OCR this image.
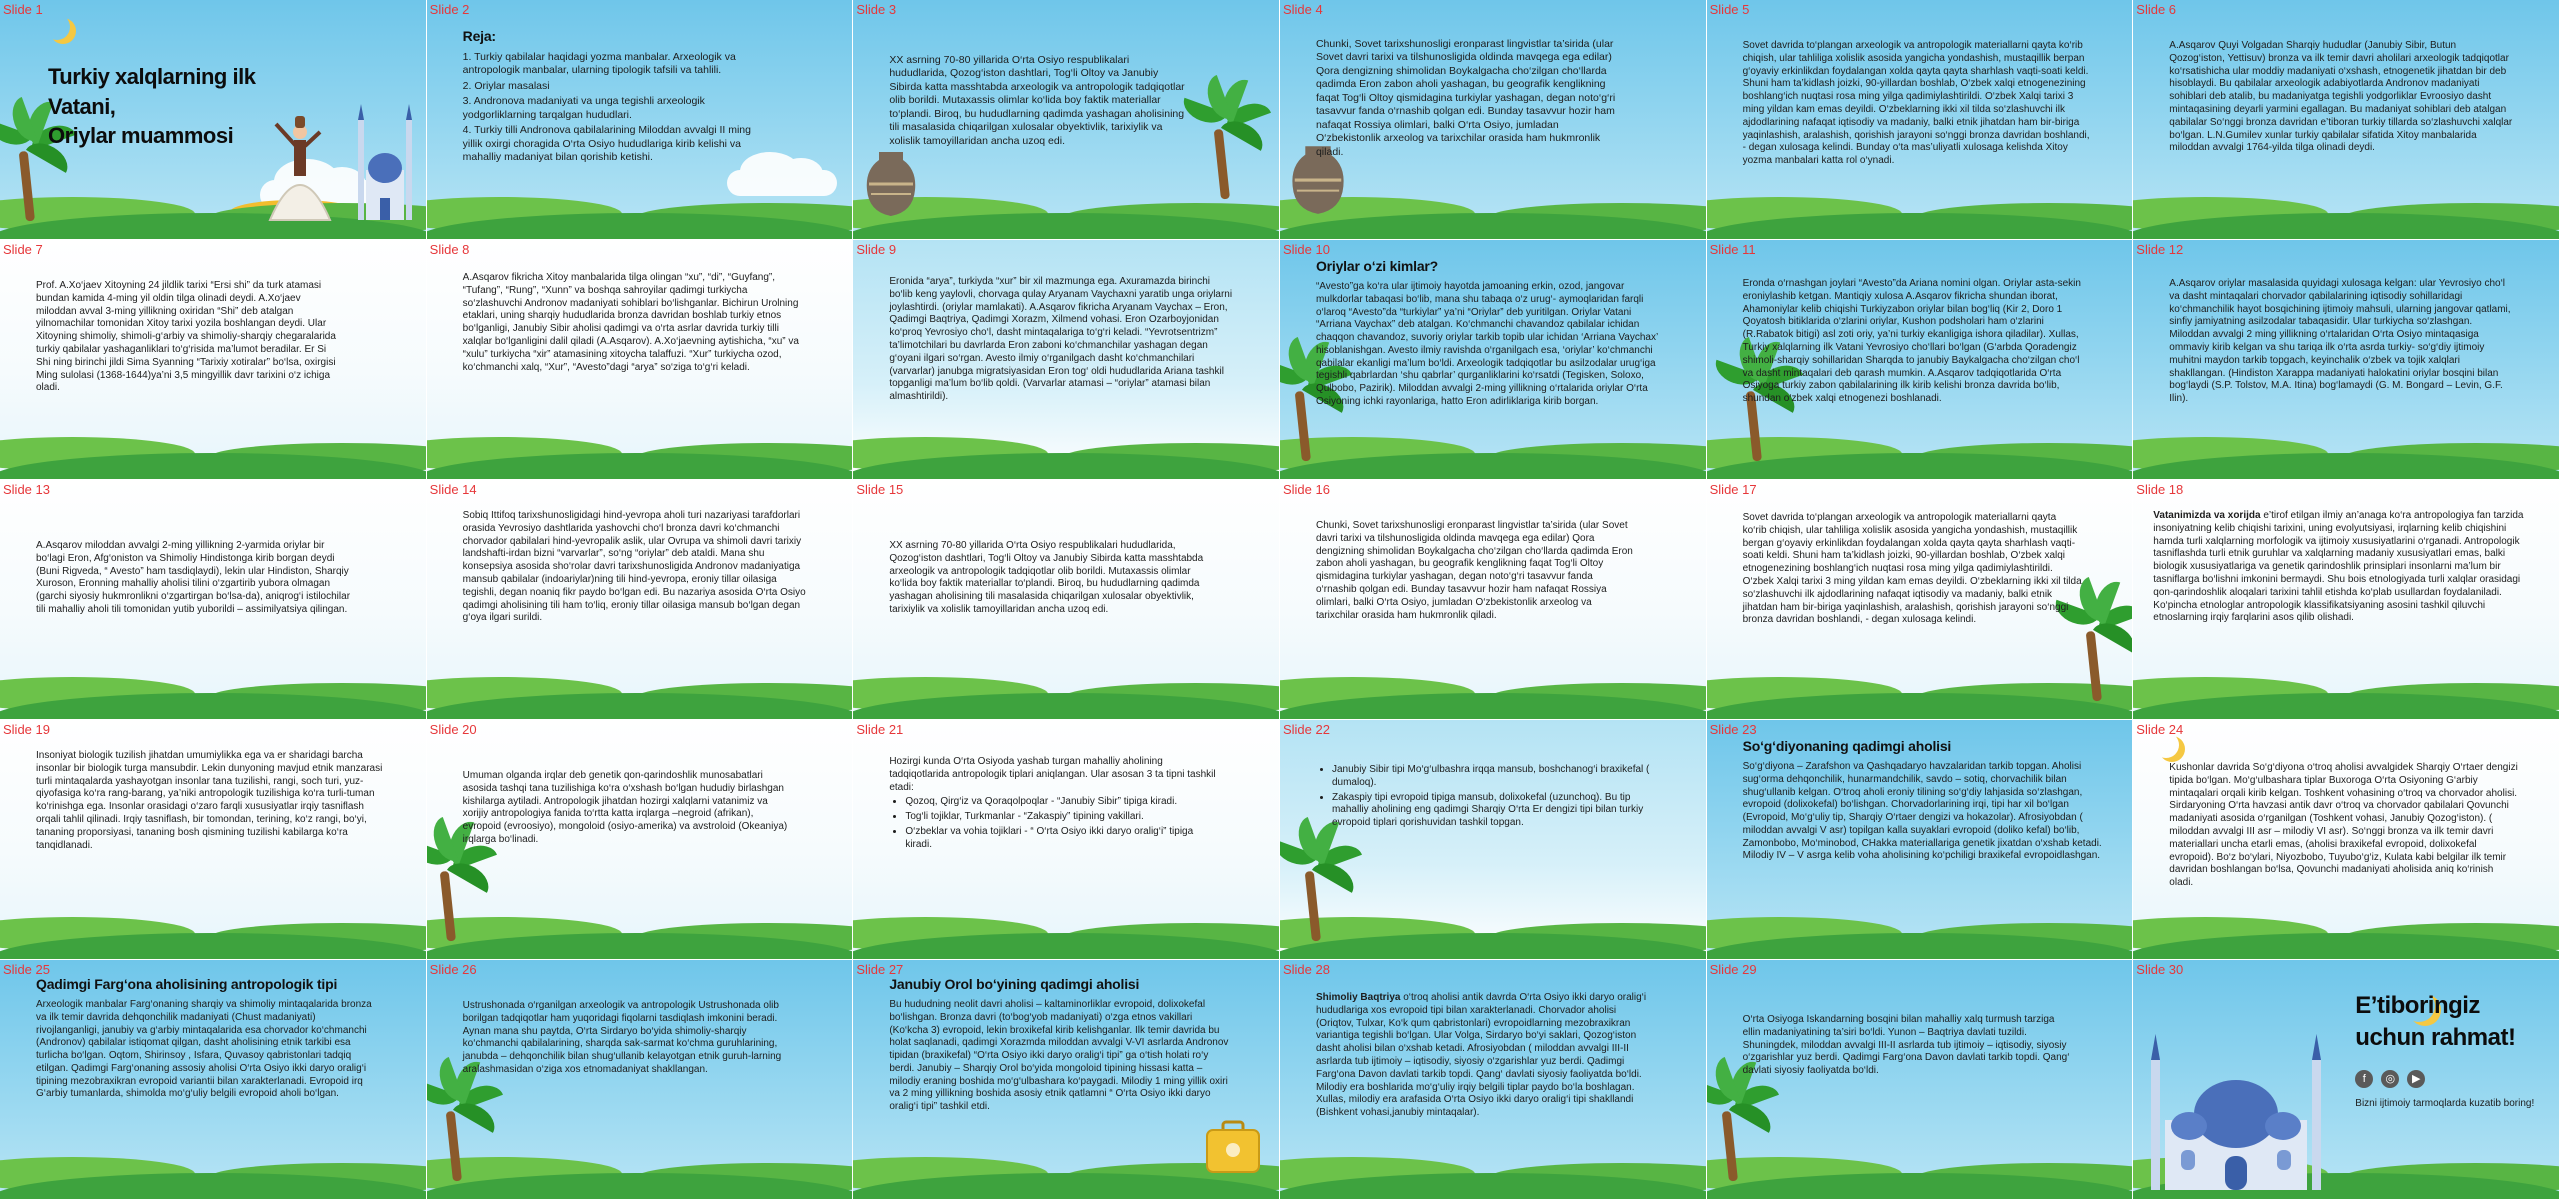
Slide 1
Turkiy xalqlarning ilk Vatani,
Oriylar muammosi
Slide 2
Reja:

1. Turkiy qabilalar haqidagi yozma manbalar. Arxeologik va antropologik manbalar, ularning tipologik tafsili va tahlili.

2. Oriylar masalasi

3. Andronova madaniyati va unga tegishli arxeologik yodgorliklarning tarqalgan hududlari.

4. Turkiy tilli Andronova qabilalarining Miloddan avvalgi II ming yillik oxirgi choragida O‘rta Osiyo hududlariga kirib kelishi va mahalliy madaniyat bilan qorishib ketishi.

Slide 3
XX asrning 70-80 yillarida O‘rta Osiyo respublikalari hududlarida, Qozog‘iston dashtlari, Tog‘li Oltoy va Janubiy Sibirda katta masshtabda arxeologik va antropologik tadqiqotlar olib borildi. Mutaxassis olimlar ko‘lida boy faktik materiallar to‘plandi. Biroq, bu hududlarning qadimda yashagan aholisining tili masalasida chiqarilgan xulosalar obyektivlik, tarixiylik va xolislik tamoyillaridan ancha uzoq edi.
Slide 4
Chunki, Sovet tarixshunosligi eronparast lingvistlar ta’sirida (ular Sovet davri tarixi va tilshunosligida oldinda mavqega ega edilar) Qora dengizning shimolidan Boykalgacha cho‘zilgan cho‘llarda qadimda Eron zabon aholi yashagan, bu geografik kenglikning faqat Tog‘li Oltoy qismidagina turkiylar yashagan, degan noto‘g‘ri tasavvur fanda o‘rnashib qolgan edi. Bunday tasavvur hozir ham nafaqat Rossiya olimlari, balki O‘rta Osiyo, jumladan O‘zbekistonlik arxeolog va tarixchilar orasida ham hukmronlik qiladi.
Slide 5
Sovet davrida to‘plangan arxeologik va antropologik materiallarni qayta ko‘rib chiqish, ular tahliliga xolislik asosida yangicha yondashish, mustaqillik berpan g‘oyaviy erkinlikdan foydalangan xolda qayta qayta sharhlash vaqti-soati keldi. Shuni ham ta’kidlash joizki, 90-yillardan boshlab, O‘zbek xalqi etnogenezining boshlang‘ich nuqtasi rosa ming yilga qadimiylashtirildi. O‘zbek Xalqi tarixi 3 ming yildan kam emas deyildi. O‘zbeklarning ikki xil tilda so‘zlashuvchi ilk ajdodlarining nafaqat iqtisodiy va madaniy, balki etnik jihatdan ham bir-biriga yaqinlashish, aralashish, qorishish jarayoni so‘nggi bronza davridan boshlandi, - degan xulosaga kelindi. Bunday o‘ta mas’uliyatli xulosaga kelishda Xitoy yozma manbalari katta rol o‘ynadi.
Slide 6
A.Asqarov Quyi Volgadan Sharqiy hududlar (Janubiy Sibir, Butun Qozog‘iston, Yettisuv) bronza va ilk temir davri aholilari arxeologik tadqiqotlar ko‘rsatishicha ular moddiy madaniyati o‘xshash, etnogenetik jihatdan bir deb hisoblaydi. Bu qabilalar arxeologik adabiyotlarda Andronov madaniyati sohiblari deb atalib, bu madaniyatga tegishli yodgorliklar Evroosiyo dasht mintaqasining deyarli yarmini egallagan. Bu madaniyat sohiblari deb atalgan qabilalar So‘nggi bronza davridan e’tiboran turkiy tillarda so‘zlashuvchi xalqlar bo‘lgan. L.N.Gumilev xunlar turkiy qabilalar sifatida Xitoy manbalarida miloddan avvalgi 1764-yilda tilga olinadi deydi.
Slide 7
Prof. A.Xo‘jaev Xitoyning 24 jildlik tarixi “Ersi shi” da turk atamasi bundan kamida 4-ming yil oldin tilga olinadi deydi. A.Xo‘jaev miloddan avval 3-ming yillikning oxiridan “Shi” deb atalgan yilnomachilar tomonidan Xitoy tarixi yozila boshlangan deydi. Ular Xitoyning shimoliy, shimoli-g‘arbiy va shimoliy-sharqiy chegaralarida turkiy qabilalar yashaganliklari to‘g‘risida ma’lumot beradilar. Er Si Shi ning birinchi jildi Sima Syanning “Tarixiy xotiralar” bo‘lsa, oxirgisi Ming sulolasi (1368-1644)ya’ni 3,5 mingyillik davr tarixini o‘z ichiga oladi.
Slide 8
A.Asqarov fikricha Xitoy manbalarida tilga olingan “xu”, “di”, “Guyfang”, “Tufang”, “Rung”, “Xunn” va boshqa sahroyilar qadimgi turkiycha so‘zlashuvchi Andronov madaniyati sohiblari bo‘lishganlar. Bichirun Urolning etaklari, uning sharqiy hududlarida bronza davridan boshlab turkiy etnos bo‘lganligi, Janubiy Sibir aholisi qadimgi va o‘rta asrlar davrida turkiy tilli xalqlar bo‘lganligini dalil qiladi (A.Asqarov). A.Xo‘jaevning aytishicha, “xu” va “xulu” turkiycha “xir” atamasining xitoycha talaffuzi. “Xur” turkiycha ozod, ko‘chmanchi xalq, “Xur”, “Avesto”dagi “arya” so‘ziga to‘g‘ri keladi.
Slide 9
Eronida “arya”, turkiyda “xur” bir xil mazmunga ega. Axuramazda birinchi bo‘lib keng yaylovli, chorvaga qulay Aryanam Vaychaxni yaratib unga oriylarni joylashtirdi. (oriylar mamlakati). A.Asqarov fikricha Aryanam Vaychax – Eron, Qadimgi Baqtriya, Qadimgi Xorazm, Xilmend vohasi. Eron Ozarboyjonidan ko‘proq Yevrosiyo cho‘l, dasht mintaqalariga to‘g‘ri keladi. “Yevrotsentrizm” ta’limotchilari bu davrlarda Eron zaboni ko‘chmanchilar yashagan degan g‘oyani ilgari so‘rgan. Avesto ilmiy o‘rganilgach dasht ko‘chmanchilari (varvarlar) janubga migratsiyasidan Eron tog‘ oldi hududlarida Ariana tashkil topganligi ma’lum bo‘lib qoldi. (Varvarlar atamasi – “oriylar” atamasi bilan almashtirildi).
Slide 10
Oriylar o‘zi kimlar?
“Avesto”ga ko‘ra ular ijtimoiy hayotda jamoaning erkin, ozod, jangovar mulkdorlar tabaqasi bo‘lib, mana shu tabaqa o‘z urug‘- aymoqlaridan farqli o‘laroq “Avesto”da “turkiylar” ya’ni “Oriylar” deb yuritilgan. Oriylar Vatani “Arriana Vaychax” deb atalgan. Ko‘chmanchi chavandoz qabilalar ichidan chaqqon chavandoz, suvoriy oriylar tarkib topib ular ichidan ‘Arriana Vaychax’ hisoblanishgan. Avesto ilmiy ravishda o‘rganilgach esa, ‘oriylar’ ko‘chmanchi qabilalar ekanligi ma’lum bo‘ldi. Arxeologik tadqiqotlar bu asilzodalar urug‘iga tegishli qabrlardan ‘shu qabrlar’ qurganliklarini ko‘rsatdi (Tegisken, Soloxo, Qulbobo, Pazirik). Miloddan avvalgi 2-ming yillikning o‘rtalarida oriylar O‘rta Osiyoning ichki rayonlariga, hatto Eron adirliklariga kirib borgan.
Slide 11
Eronda o‘rnashgan joylari “Avesto”da Ariana nomini olgan. Oriylar asta-sekin eroniylashib ketgan. Mantiqiy xulosa A.Asqarov fikricha shundan iborat, Ahamoniylar kelib chiqishi Turkiyzabon oriylar bilan bog‘liq (Kir 2, Doro 1 Qoyatosh bitiklarida o‘zlarini oriylar, Kushon podsholari ham o‘zlarini (R.Rabatok bitigi) asl zoti oriy, ya’ni turkiy ekanligiga ishora qiladilar). Xullas, Turkiy xalqlarning ilk Vatani Yevrosiyo cho‘llari bo‘lgan (G‘arbda Qoradengiz shimoli-sharqiy sohillaridan Sharqda to janubiy Baykalgacha cho‘zilgan cho‘l va dasht mintaqalari deb qarash mumkin. A.Asqarov tadqiqotlarida O‘rta Osiyoga turkiy zabon qabilalarining ilk kirib kelishi bronza davrida bo‘lib, shundan o‘zbek xalqi etnogenezi boshlanadi.
Slide 12
A.Asqarov oriylar masalasida quyidagi xulosaga kelgan: ular Yevrosiyo cho‘l va dasht mintaqalari chorvador qabilalarining iqtisodiy sohillaridagi ko‘chmanchilik hayot bosqichining ijtimoiy mahsuli, ularning jangovar qatlami, sinfiy jamiyatning asilzodalar tabaqasidir. Ular turkiycha so‘zlashgan. Miloddan avvalgi 2 ming yillikning o‘rtalaridan O‘rta Osiyo mintaqasiga ommaviy kirib kelgan va shu tariqa ilk o‘rta asrda turkiy- so‘g‘diy ijtimoiy muhitni maydon tarkib topgach, keyinchalik o‘zbek va tojik xalqlari shakllangan. (Hindiston Xarappa madaniyati halokatini oriylar bosqini bilan bog‘laydi (S.P. Tolstov, M.A. Itina) bog‘lamaydi (G. M. Bongard – Levin, G.F. Ilin).
Slide 13
A.Asqarov miloddan avvalgi 2-ming yillikning 2-yarmida oriylar bir bo‘lagi Eron, Afg‘oniston va Shimoliy Hindistonga kirib borgan deydi (Buni Rigveda, “ Avesto” ham tasdiqlaydi), lekin ular Hindiston, Sharqiy Xuroson, Eronning mahalliy aholisi tilini o‘zgartirib yubora olmagan (garchi siyosiy hukmronlikni o‘zgartirgan bo‘lsa-da), aniqrog‘i istilochilar tili mahalliy aholi tili tomonidan yutib yuborildi – assimilyatsiya qilingan.
Slide 14
Sobiq Ittifoq tarixshunosligidagi hind-yevropa aholi turi nazariyasi tarafdorlari orasida Yevrosiyo dashtlarida yashovchi cho‘l bronza davri ko‘chmanchi chorvador qabilalari hind-yevropalik aslik, ular Ovrupa va shimoli davri tarixiy landshafti-irdan bizni “varvarlar”, so‘ng “oriylar” deb ataldi. Mana shu konsepsiya asosida sho‘rolar davri tarixshunosligida Andronov madaniyatiga mansub qabilalar (indoariylar)ning tili hind-yevropa, eroniy tillar oilasiga tegishli, degan noaniq fikr paydo bo‘lgan edi. Bu nazariya asosida O‘rta Osiyo qadimgi aholisining tili ham to‘liq, eroniy tillar oilasiga mansub bo‘lgan degan g‘oya ilgari surildi.
Slide 15
XX asrning 70-80 yillarida O‘rta Osiyo respublikalari hududlarida, Qozog‘iston dashtlari, Tog‘li Oltoy va Janubiy Sibirda katta masshtabda arxeologik va antropologik tadqiqotlar olib borildi. Mutaxassis olimlar ko‘lida boy faktik materiallar to‘plandi. Biroq, bu hududlarning qadimda yashagan aholisining tili masalasida chiqarilgan xulosalar obyektivlik, tarixiylik va xolislik tamoyillaridan ancha uzoq edi.
Slide 16
Chunki, Sovet tarixshunosligi eronparast lingvistlar ta’sirida (ular Sovet davri tarixi va tilshunosligida oldinda mavqega ega edilar) Qora dengizning shimolidan Boykalgacha cho‘zilgan cho‘llarda qadimda Eron zabon aholi yashagan, bu geografik kenglikning faqat Tog‘li Oltoy qismidagina turkiylar yashagan, degan noto‘g‘ri tasavvur fanda o‘rnashib qolgan edi. Bunday tasavvur hozir ham nafaqat Rossiya olimlari, balki O‘rta Osiyo, jumladan O‘zbekistonlik arxeolog va tarixchilar orasida ham hukmronlik qiladi.
Slide 17
Sovet davrida to‘plangan arxeologik va antropologik materiallarni qayta ko‘rib chiqish, ular tahliliga xolislik asosida yangicha yondashish, mustaqillik bergan g‘oyaviy erkinlikdan foydalangan xolda qayta qayta sharhlash vaqti-soati keldi. Shuni ham ta’kidlash joizki, 90-yillardan boshlab, O‘zbek xalqi etnogenezining boshlang‘ich nuqtasi rosa ming yilga qadimiylashtirildi. O‘zbek Xalqi tarixi 3 ming yildan kam emas deyildi. O‘zbeklarning ikki xil tilda so‘zlashuvchi ilk ajdodlarining nafaqat iqtisodiy va madaniy, balki etnik jihatdan ham bir-biriga yaqinlashish, aralashish, qorishish jarayoni so‘nggi bronza davridan boshlandi, - degan xulosaga kelindi.
Slide 18
Vatanimizda va xorijda e’tirof etilgan ilmiy an’anaga ko‘ra antropologiya fan tarzida insoniyatning kelib chiqishi tarixini, uning evolyutsiyasi, irqlarning kelib chiqishini hamda turli xalqlarning morfologik va ijtimoiy xususiyatlarini o‘rganadi. Antropologik tasniflashda turli etnik guruhlar va xalqlarning madaniy xususiyatlari emas, balki biologik xususiyatlariga va genetik qarindoshlik prinsiplari insonlarni ma’lum bir tasniflarga bo‘lishni imkonini bermaydi. Shu bois etnologiyada turli xalqlar orasidagi qon-qarindoshlik aloqalari tarixini tahlil etishda ko‘plab usullardan foydalaniladi. Ko‘pincha etnologlar antropologik klassifikatsiyaning asosini tashkil qiluvchi etnoslarning irqiy farqlarini asos qilib olishadi.
Slide 19
Insoniyat biologik tuzilish jihatdan umumiylikka ega va er sharidagi barcha insonlar bir biologik turga mansubdir. Lekin dunyoning mavjud etnik manzarasi turli mintaqalarda yashayotgan insonlar tana tuzilishi, rangi, soch turi, yuz-qiyofasiga ko‘ra rang-barang, ya’niki antropologik tuzilishiga ko‘ra turli-tuman ko‘rinishga ega. Insonlar orasidagi o‘zaro farqli xususiyatlar irqiy tasniflash orqali tahlil qilinadi. Irqiy tasniflash, bir tomondan, terining, ko‘z rangi, bo‘yi, tananing proporsiyasi, tananing bosh qismining tuzilishi kabilarga ko‘ra tanqidlanadi.
Slide 20
Umuman olganda irqlar deb genetik qon-qarindoshlik munosabatlari asosida tashqi tana tuzilishiga ko‘ra o‘xshash bo‘lgan hududiy birlashgan kishilarga aytiladi. Antropologik jihatdan hozirgi xalqlarni vatanimiz va xorijiy antropologiya fanida to‘rtta katta irqlarga –negroid (afrikan), evropoid (evroosiyo), mongoloid (osiyo-amerika) va avstroloid (Okeaniya) irqlarga bo‘linadi.
Slide 21

Hozirgi kunda O‘rta Osiyoda yashab turgan mahalliy aholining tadqiqotlarida antropologik tiplari aniqlangan. Ular asosan 3 ta tipni tashkil etadi:

• Qozoq, Qirg‘iz va Qoraqolpoqlar - “Janubiy Sibir” tipiga kiradi.
• Tog‘li tojiklar, Turkmanlar - “Zakaspiy” tipining vakillari.
• O‘zbeklar va vohia tojiklari - “ O‘rta Osiyo ikki daryo oralig‘i” tipiga kiradi.
Slide 22
• Janubiy Sibir tipi Mo‘g‘ulbashra irqqa mansub, boshchanog‘i braxikefal ( dumaloq).
• Zakaspiy tipi evropoid tipiga mansub, dolixokefal (uzunchoq). Bu tip mahalliy aholining eng qadimgi Sharqiy O‘rta Er dengizi tipi bilan turkiy evropoid tiplari qorishuvidan tashkil topgan.
Slide 23
So‘g‘diyonaning qadimgi aholisi
So‘g‘diyona – Zarafshon va Qashqadaryo havzalaridan tarkib topgan. Aholisi sug‘orma dehqonchilik, hunarmandchilik, savdo – sotiq, chorvachilik bilan shug‘ullanib kelgan. O‘troq aholi eroniy tilining so‘g‘diy lahjasida so‘zlashgan, evropoid (dolixokefal) bo‘lishgan. Chorvadorlarining irqi, tipi har xil bo‘lgan (Evropoid, Mo‘g‘uliy tip, Sharqiy O‘rtaer dengizi va hokazolar). Afrosiyobdan ( miloddan avvalgi V asr) topilgan kalla suyaklari evropoid (doliko kefal) bo‘lib, Zamonbobo, Mo‘minobod, CHakka materiallariga genetik jixatdan o‘xshab ketadi. Milodiy IV – V asrga kelib voha aholisining ko‘pchiligi braxikefal evropoidlashgan.
Slide 24
Kushonlar davrida So‘g‘diyona o‘troq aholisi avvalgidek Sharqiy O‘rtaer dengizi tipida bo‘lgan. Mo‘g‘ulbashara tiplar Buxoroga O‘rta Osiyoning G‘arbiy mintaqalari orqali kirib kelgan. Toshkent vohasining o‘troq va chorvador aholisi. Sirdaryoning O‘rta havzasi antik davr o‘troq va chorvador qabilalari Qovunchi madaniyati asosida o‘rganilgan (Toshkent vohasi, Janubiy Qozog‘iston). ( miloddan avvalgi III asr – milodiy VI asr). So‘nggi bronza va ilk temir davri materiallari uncha etarli emas, (aholisi braxikefal evropoid, dolixokefal evropoid). Bo‘z bo‘ylari, Niyozbobo, Tuyubo‘g‘iz, Kulata kabi belgilar ilk temir davridan boshlangan bo‘lsa, Qovunchi madaniyati aholisida aniq ko‘rinish oladi.
Slide 25
Qadimgi Farg‘ona aholisining antropologik tipi
Arxeologik manbalar Farg‘onaning sharqiy va shimoliy mintaqalarida bronza va ilk temir davrida dehqonchilik madaniyati (Chust madaniyati) rivojlanganligi, janubiy va g‘arbiy mintaqalarida esa chorvador ko‘chmanchi (Andronov) qabilalar istiqomat qilgan, dasht aholisining etnik tarkibi esa turlicha bo‘lgan. Oqtom, Shirinsoy , Isfara, Quvasoy qabristonlari tadqiq etilgan. Qadimgi Farg‘onaning assosiy aholisi O‘rta Osiyo ikki daryo oralig‘i tipining mezobraxikran evropoid variantii bilan xarakterlanadi. Evropoid irq G‘arbiy tumanlarda, shimolda mo‘g‘uliy belgili evropoid aholi bo‘lgan.
Slide 26
Ustrushonada o‘rganilgan arxeologik va antropologik Ustrushonada olib borilgan tadqiqotlar ham yuqoridagi fiqolarni tasdiqlash imkonini beradi. Aynan mana shu paytda, O‘rta Sirdaryo bo‘yida shimoliy-sharqiy ko‘chmanchi qabilalarining, sharqda sak-sarmat ko‘chma guruhlarining, janubda – dehqonchilik bilan shug‘ullanib kelayotgan etnik guruh-larning aralashmasidan o‘ziga xos etnomadaniyat shakllangan.
Slide 27
Janubiy Orol bo‘yining qadimgi aholisi
Bu hududning neolit davri aholisi – kaltaminorliklar evropoid, dolixokefal bo‘lishgan. Bronza davri (to‘bog‘yob madaniyati) o‘zga etnos vakillari (Ko‘kcha 3) evropoid, lekin broxikefal kirib kelishganlar. Ilk temir davrida bu holat saqlanadi, qadimgi Xorazmda miloddan avvalgi V-VI asrlarda Andronov tipidan (braxikefal) “O‘rta Osiyo ikki daryo oralig‘i tipi” ga o‘tish holati ro‘y berdi. Janubiy – Sharqiy Orol bo‘yida mongoloid tipining hissasi katta – milodiy eraning boshida mo‘g‘ulbashara ko‘paygadi. Milodiy 1 ming yillik oxiri va 2 ming yillikning boshida asosiy etnik qatlamni “ O‘rta Osiyo ikki daryo oralig‘i tipi” tashkil etdi.
Slide 28
Shimoliy Baqtriya o‘troq aholisi antik davrda O‘rta Osiyo ikki daryo oralig‘i hududlariga xos evropoid tipi bilan xarakterlanadi. Chorvador aholisi (Oriqtov, Tulxar, Ko‘k qum qabristonlari) evropoidlarning mezobraxikran variantiga tegishli bo‘lgan. Ular Volga, Sirdaryo bo‘yi saklari, Qozog‘iston dasht aholisi bilan o‘xshab ketadi. Afrosiyobdan ( miloddan avvalgi III-II asrlarda tub ijtimoiy – iqtisodiy, siyosiy o‘zgarishlar yuz berdi. Qadimgi Farg‘ona Davon davlati tarkib topdi. Qang‘ davlati siyosiy faoliyatda bo‘ldi. Milodiy era boshlarida mo‘g‘uliy irqiy belgili tiplar paydo bo‘la boshlagan. Xullas, milodiy era arafasida O‘rta Osiyo ikki daryo oralig‘i tipi shakllandi (Bishkent vohasi,janubiy mintaqalar).
Slide 29
O‘rta Osiyoga Iskandarning bosqini bilan mahalliy xalq turmush tarziga ellin madaniyatining ta’siri bo‘ldi. Yunon – Baqtriya davlati tuzildi. Shuningdek, miloddan avvalgi III-II asrlarda tub ijtimoiy – iqtisodiy, siyosiy o‘zgarishlar yuz berdi. Qadimgi Farg‘ona Davon davlati tarkib topdi. Qang‘ davlati siyosiy faoliyatda bo‘ldi.
Slide 30
E’tiboringiz
uchun rahmat!
f	◎	▶
Bizni ijtimoiy tarmoqlarda kuzatib boring!
